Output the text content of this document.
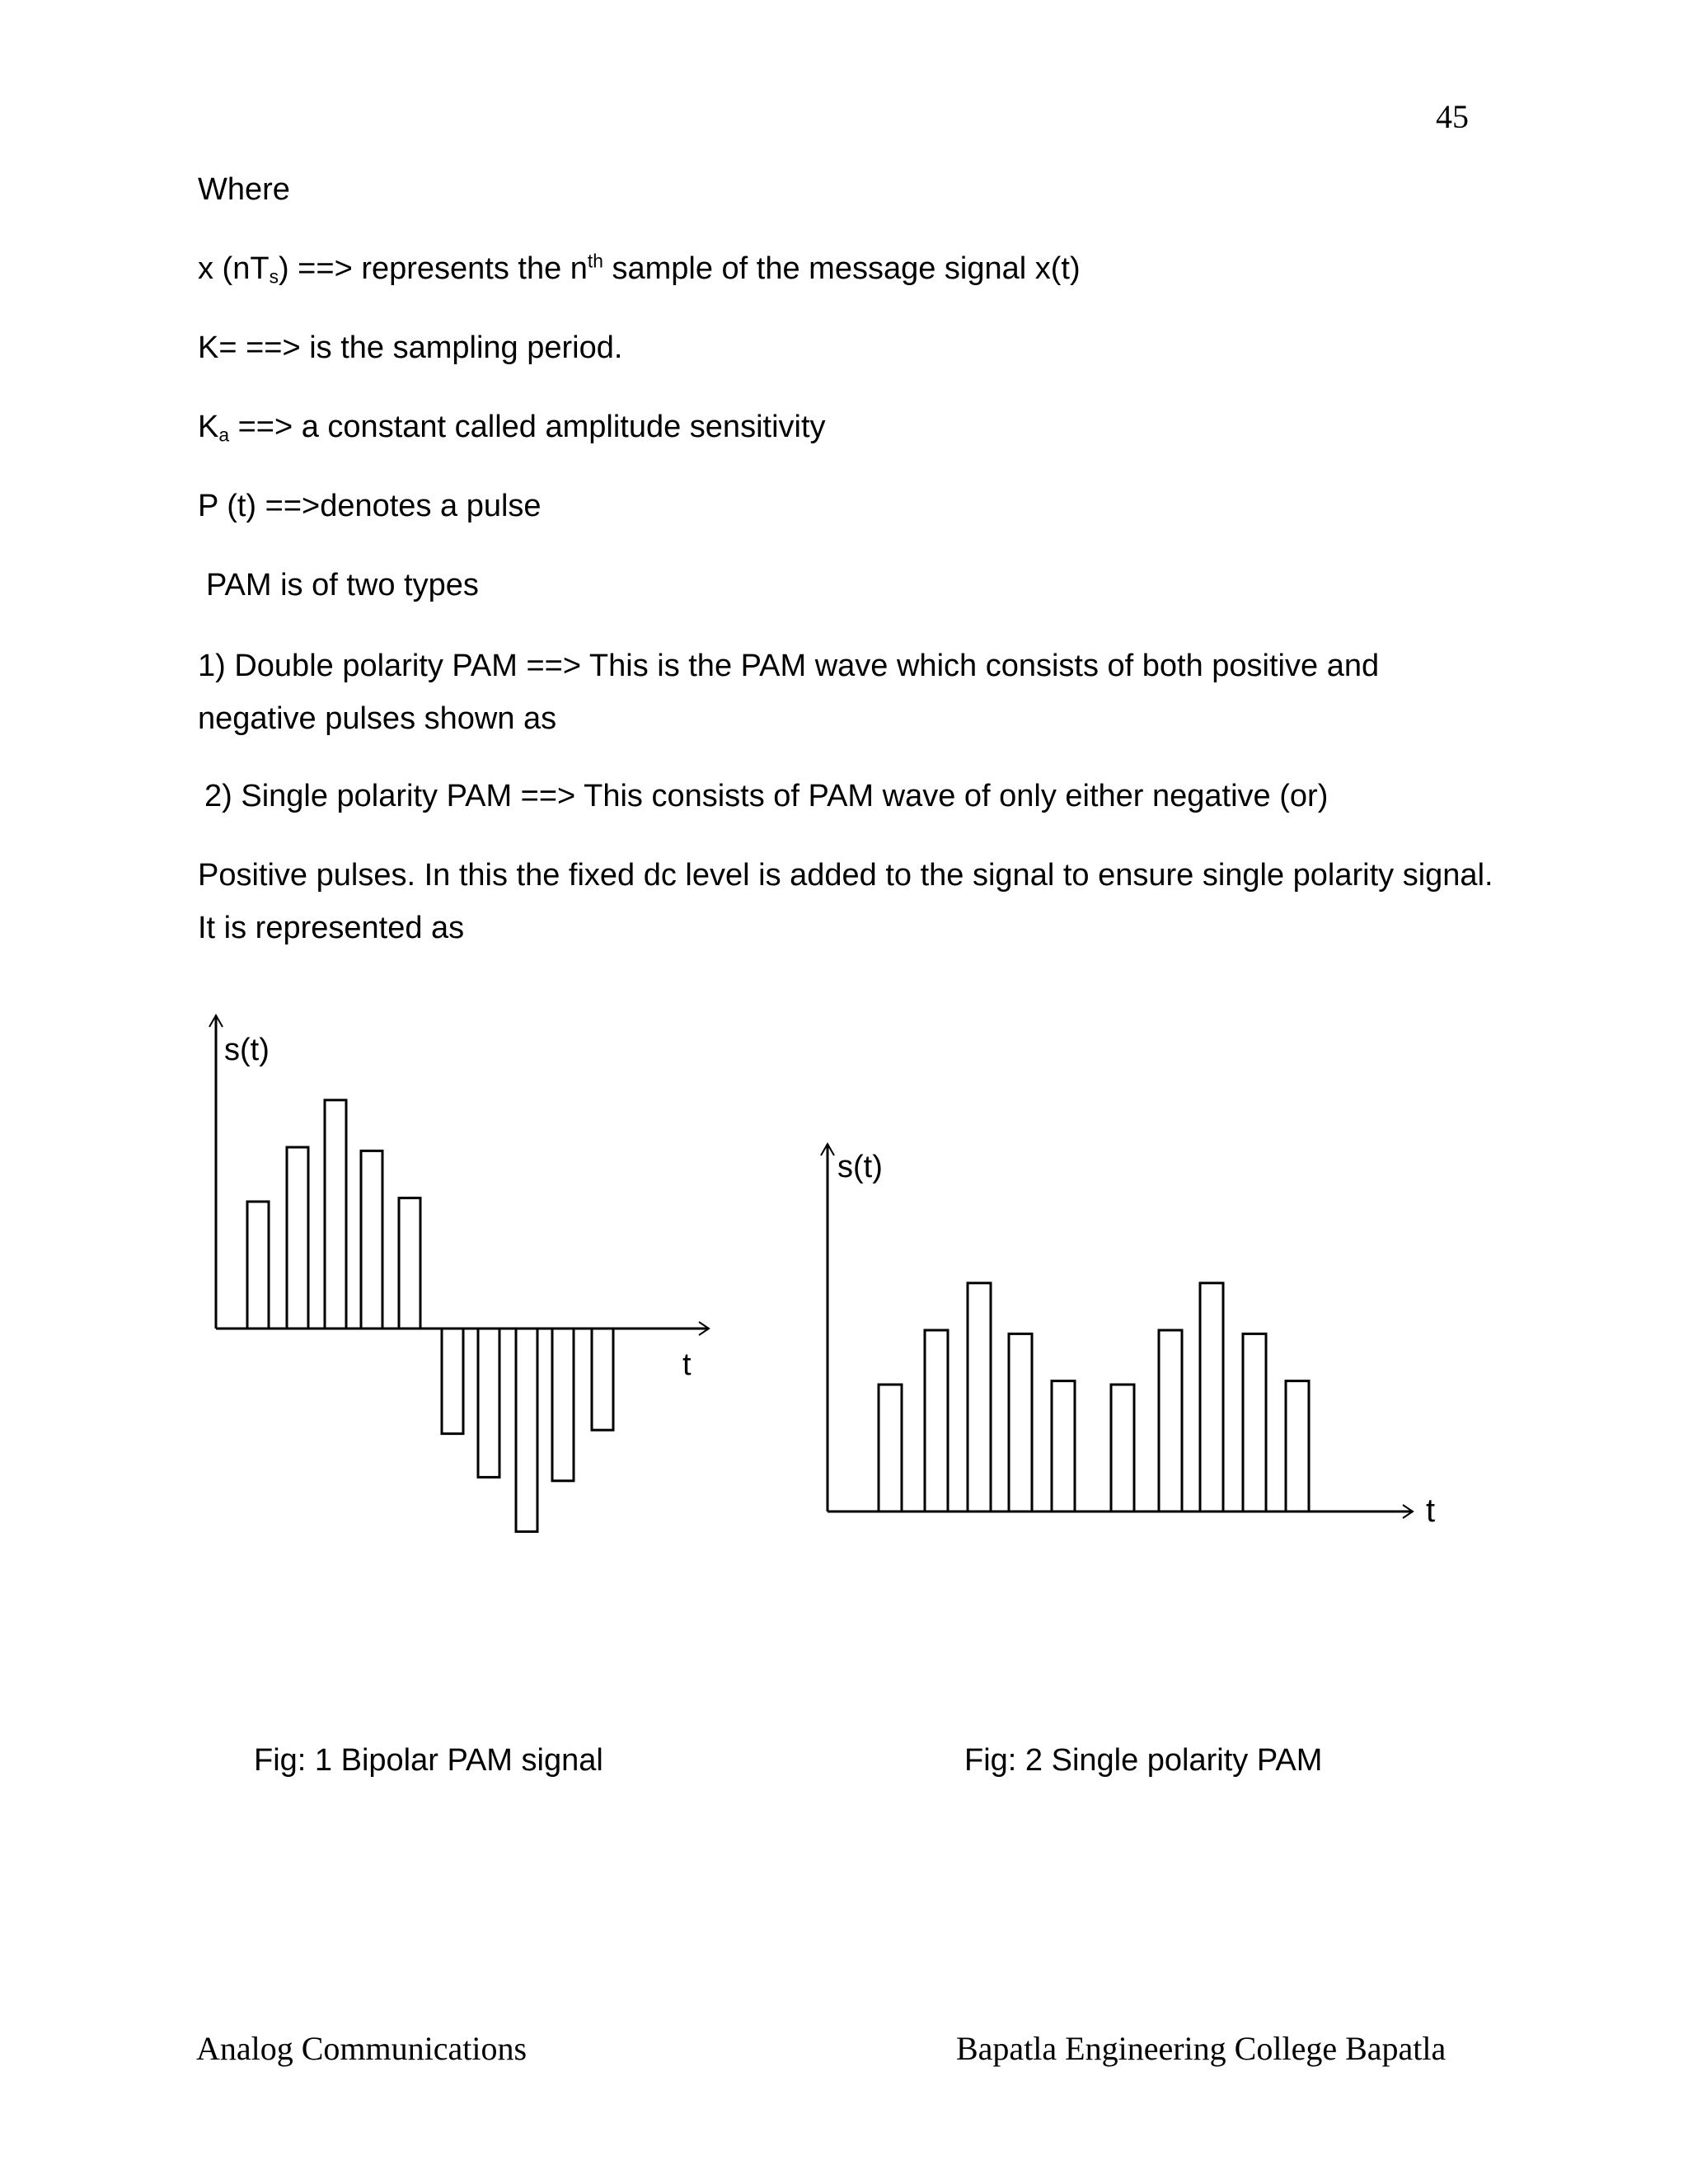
45
Where
x $(nT_s)$ ==> represents the $n^{th}$ sample of the message signal x(t)
K= ==> is the sampling period.
$K_a$ ==> a constant called amplitude sensitivity
P (t) ==>denotes a pulse
PAM is of two types
1) Double polarity PAM ==> This is the PAM wave which consists of both positive and negative pulses shown as
2) Single polarity PAM ==> This consists of PAM wave of only either negative (or)
Positive pulses. In this the fixed dc level is added to the signal to ensure single polarity signal. It is represented as
s(t)
t
s(t)
t
Fig: 1 Bipolar PAM signal	Fig: 2 Single polarity PAM
Analog Communications	Bapatla Engineering College Bapatla
